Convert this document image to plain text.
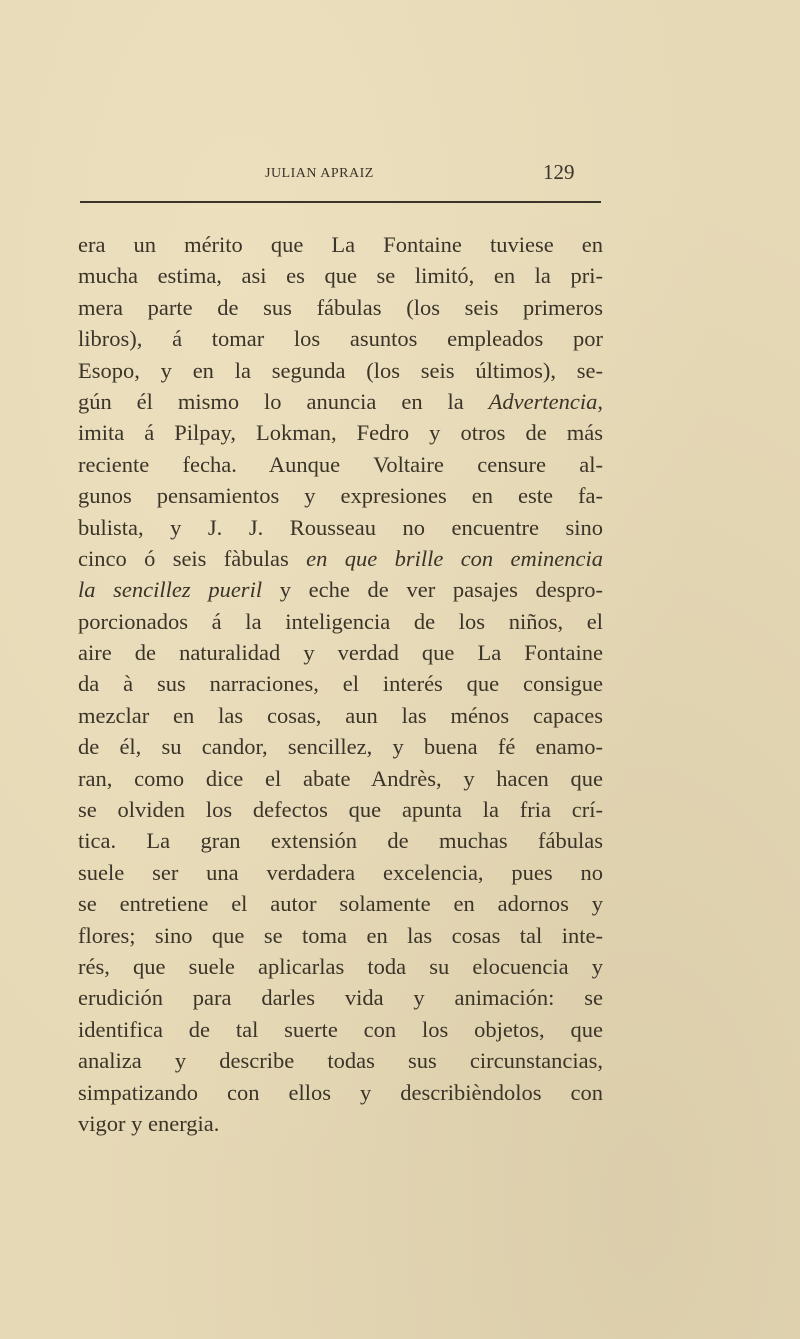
JULIAN APRAIZ	129
era un mérito que La Fontaine tuviese en
mucha estima, asi es que se limitó, en la pri-
mera parte de sus fábulas (los seis primeros
libros), á tomar los asuntos empleados por
Esopo, y en la segunda (los seis últimos), se-
gún él mismo lo anuncia en la Advertencia,
imita á Pilpay, Lokman, Fedro y otros de más
reciente fecha. Aunque Voltaire censure al-
gunos pensamientos y expresiones en este fa-
bulista, y J. J. Rousseau no encuentre sino
cinco ó seis fàbulas en que brille con eminencia
la sencillez pueril y eche de ver pasajes despro-
porcionados á la inteligencia de los niños, el
aire de naturalidad y verdad que La Fontaine
da à sus narraciones, el interés que consigue
mezclar en las cosas, aun las ménos capaces
de él, su candor, sencillez, y buena fé enamo-
ran, como dice el abate Andrès, y hacen que
se olviden los defectos que apunta la fria crí-
tica. La gran extensión de muchas fábulas
suele ser una verdadera excelencia, pues no
se entretiene el autor solamente en adornos y
flores; sino que se toma en las cosas tal inte-
rés, que suele aplicarlas toda su elocuencia y
erudición para darles vida y animación: se
identifica de tal suerte con los objetos, que
analiza y describe todas sus circunstancias,
simpatizando con ellos y describièndolos con
vigor y energia.
